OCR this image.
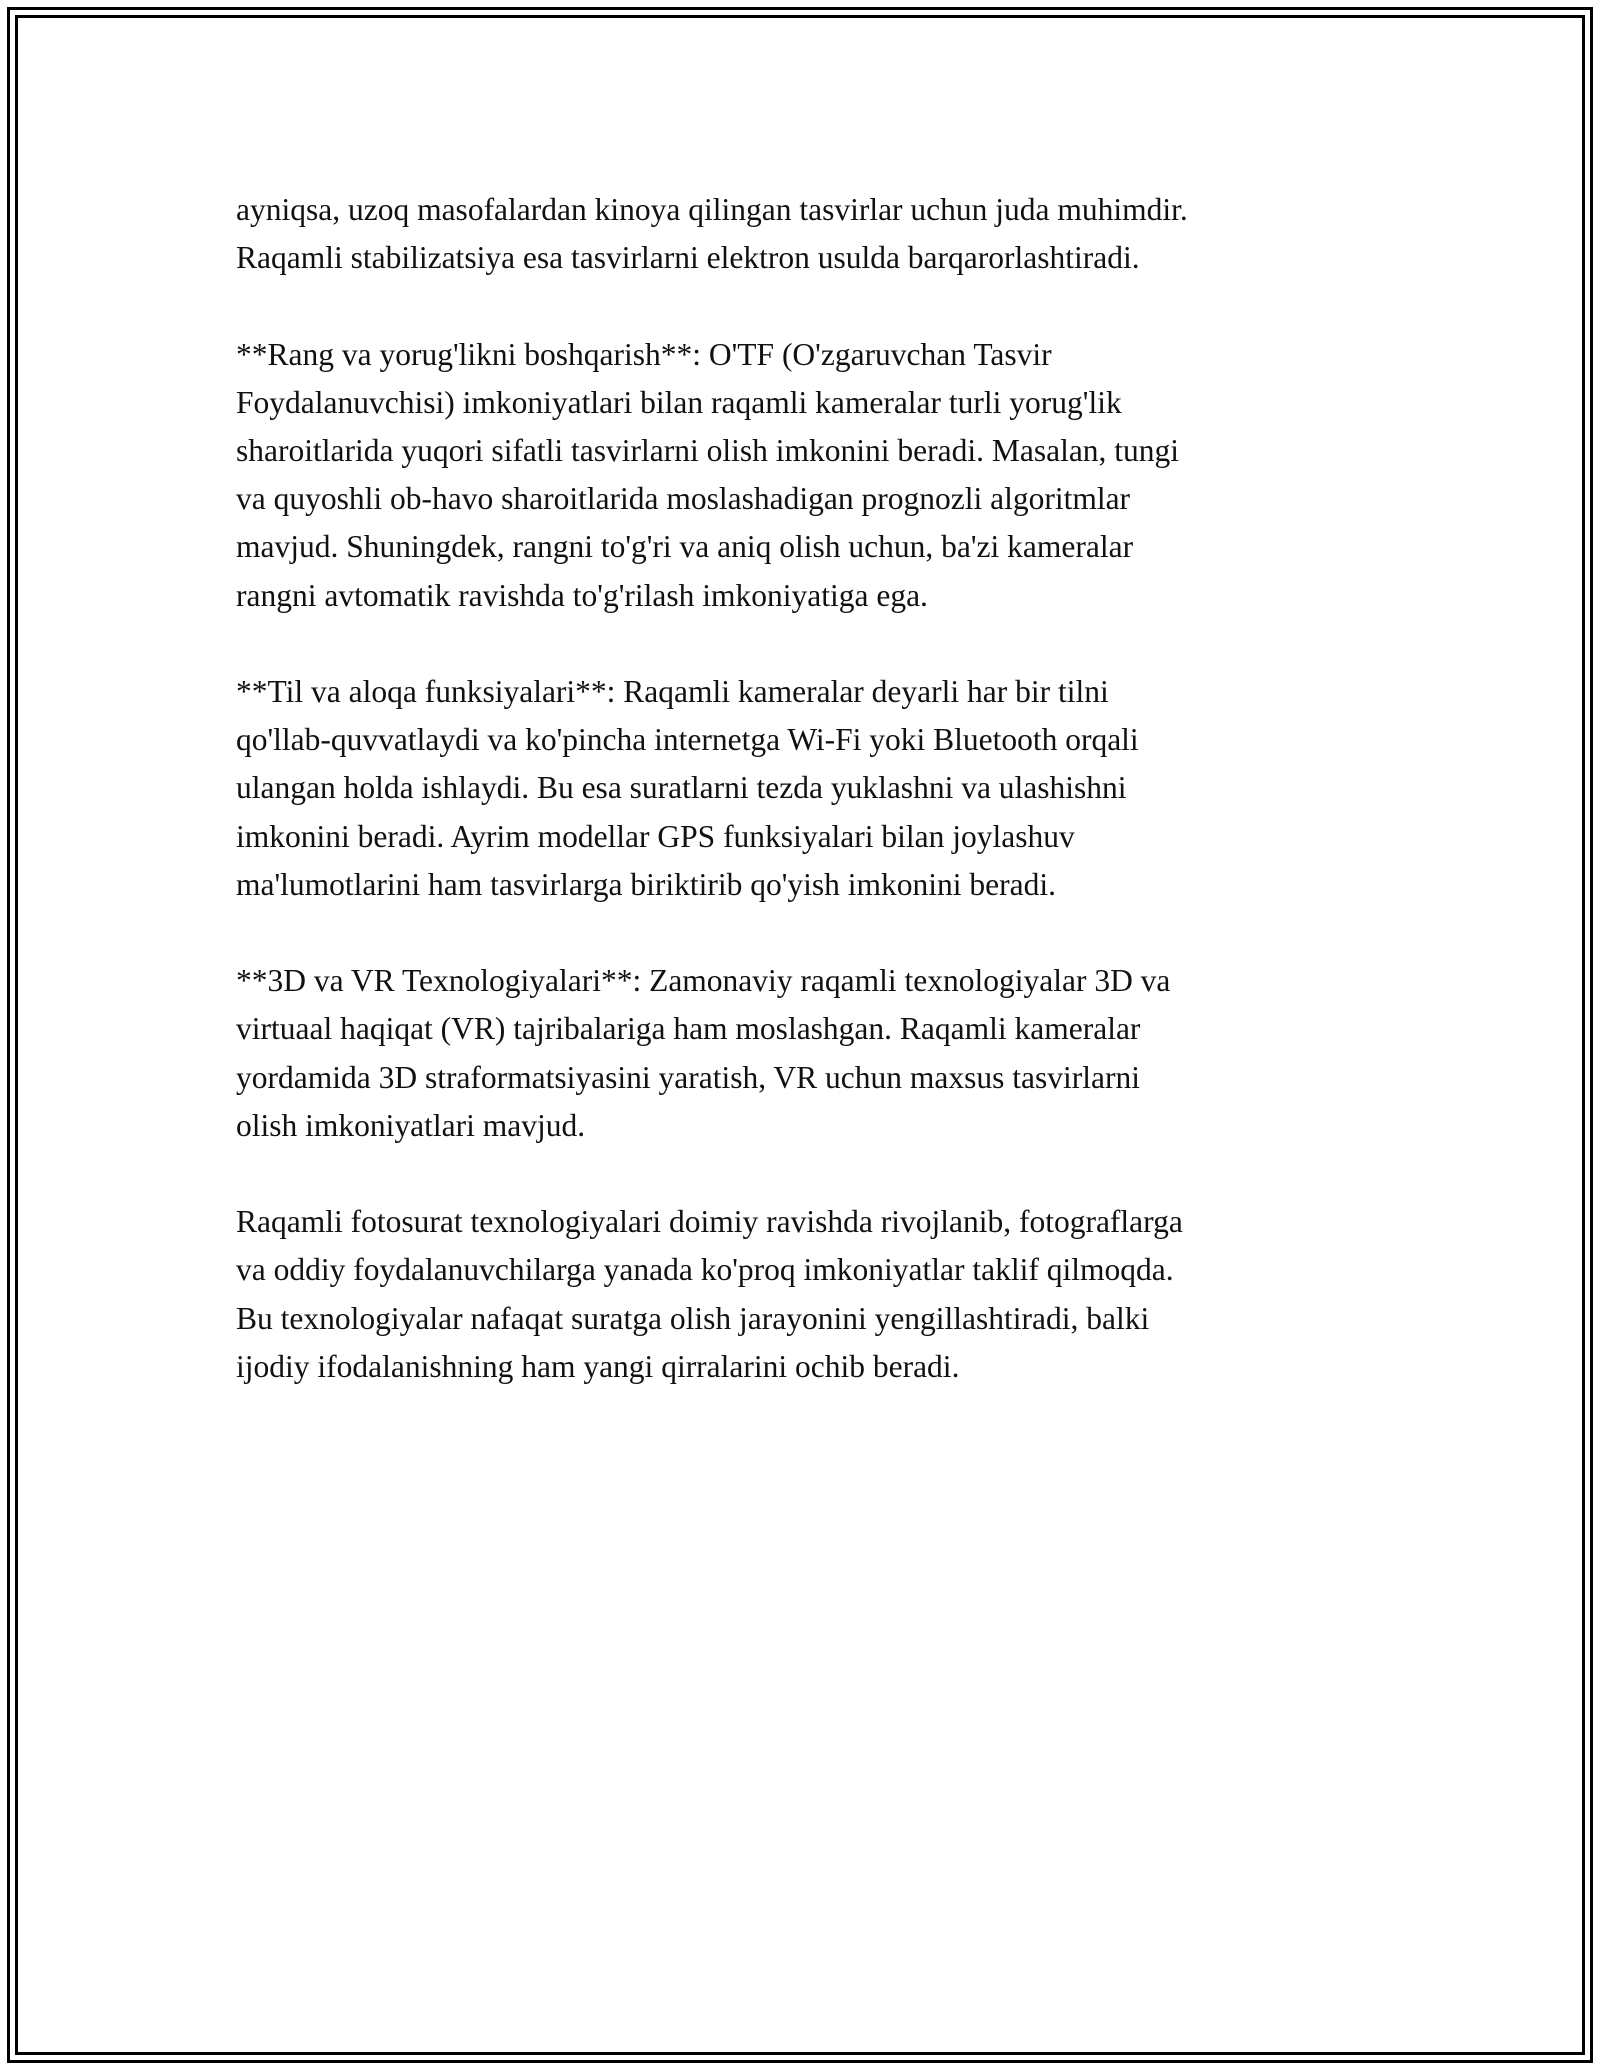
ayniqsa, uzoq masofalardan kinoya qilingan tasvirlar uchun juda muhimdir.
Raqamli stabilizatsiya esa tasvirlarni elektron usulda barqarorlashtiradi.
**Rang va yorug'likni boshqarish**: O'TF (O'zgaruvchan Tasvir
Foydalanuvchisi) imkoniyatlari bilan raqamli kameralar turli yorug'lik
sharoitlarida yuqori sifatli tasvirlarni olish imkonini beradi. Masalan, tungi
va quyoshli ob-havo sharoitlarida moslashadigan prognozli algoritmlar
mavjud. Shuningdek, rangni to'g'ri va aniq olish uchun, ba'zi kameralar
rangni avtomatik ravishda to'g'rilash imkoniyatiga ega.
**Til va aloqa funksiyalari**: Raqamli kameralar deyarli har bir tilni
qo'llab-quvvatlaydi va ko'pincha internetga Wi-Fi yoki Bluetooth orqali
ulangan holda ishlaydi. Bu esa suratlarni tezda yuklashni va ulashishni
imkonini beradi. Ayrim modellar GPS funksiyalari bilan joylashuv
ma'lumotlarini ham tasvirlarga biriktirib qo'yish imkonini beradi.
**3D va VR Texnologiyalari**: Zamonaviy raqamli texnologiyalar 3D va
virtuaal haqiqat (VR) tajribalariga ham moslashgan. Raqamli kameralar
yordamida 3D straformatsiyasini yaratish, VR uchun maxsus tasvirlarni
olish imkoniyatlari mavjud.
Raqamli fotosurat texnologiyalari doimiy ravishda rivojlanib, fotograflarga
va oddiy foydalanuvchilarga yanada ko'proq imkoniyatlar taklif qilmoqda.
Bu texnologiyalar nafaqat suratga olish jarayonini yengillashtiradi, balki
ijodiy ifodalanishning ham yangi qirralarini ochib beradi.
